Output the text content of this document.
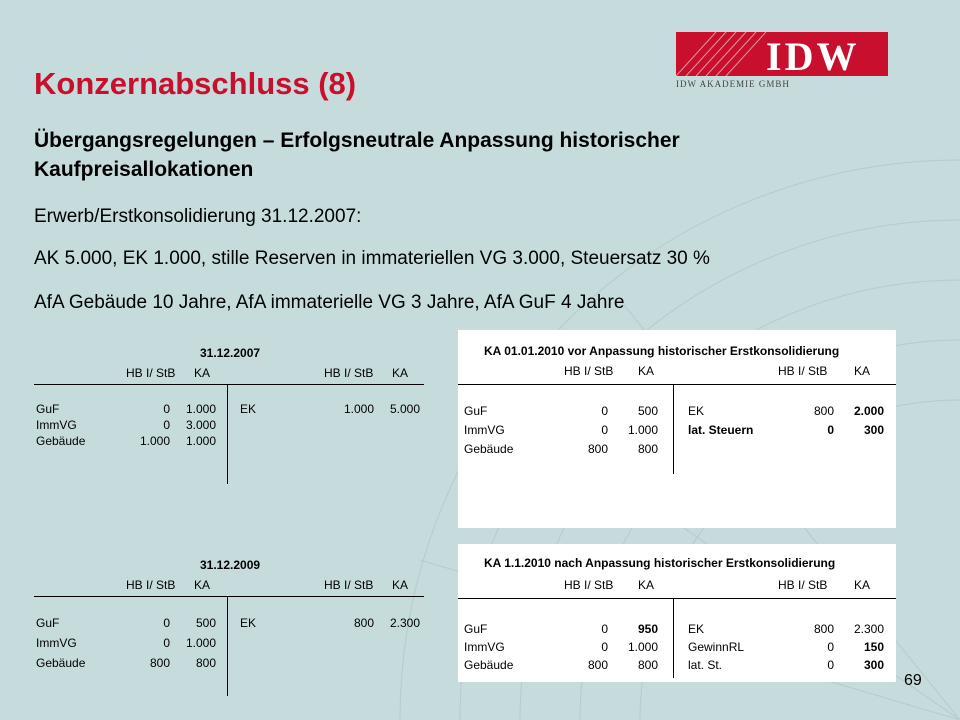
IDW
IDW AKADEMIE GMBH
Konzernabschluss (8)
Übergangsregelungen – Erfolgsneutrale Anpassung historischer Kaufpreisallokationen
Erwerb/Erstkonsolidierung 31.12.2007:
AK 5.000, EK 1.000, stille Reserven in immateriellen VG 3.000, Steuersatz 30 %
AfA Gebäude 10 Jahre, AfA immaterielle VG 3 Jahre, AfA GuF 4 Jahre
31.12.2007
HB I/ StB KA	HB I/ StB KA
GuF	0	1.000 EK	1.000	5.000
ImmVG	0	3.000
Gebäude	1.000	1.000
31.12.2009
HB I/ StB KA	HB I/ StB KA
GuF	0	500 EK	800	2.300
ImmVG	0	1.000
Gebäude	800	800
KA 01.01.2010 vor Anpassung historischer Erstkonsolidierung
HB I/ StB KA	HB I/ StB KA
GuF	0	500	EK	800	2.000
ImmVG	0	1.000	lat. Steuern	0	300
Gebäude	800	800
KA 1.1.2010 nach Anpassung historischer Erstkonsolidierung
HB I/ StB KA	HB I/ StB KA
GuF	0	950	EK	800	2.300
ImmVG	0	1.000	GewinnRL	0	150
Gebäude	800	800	lat. St.	0	300
69
